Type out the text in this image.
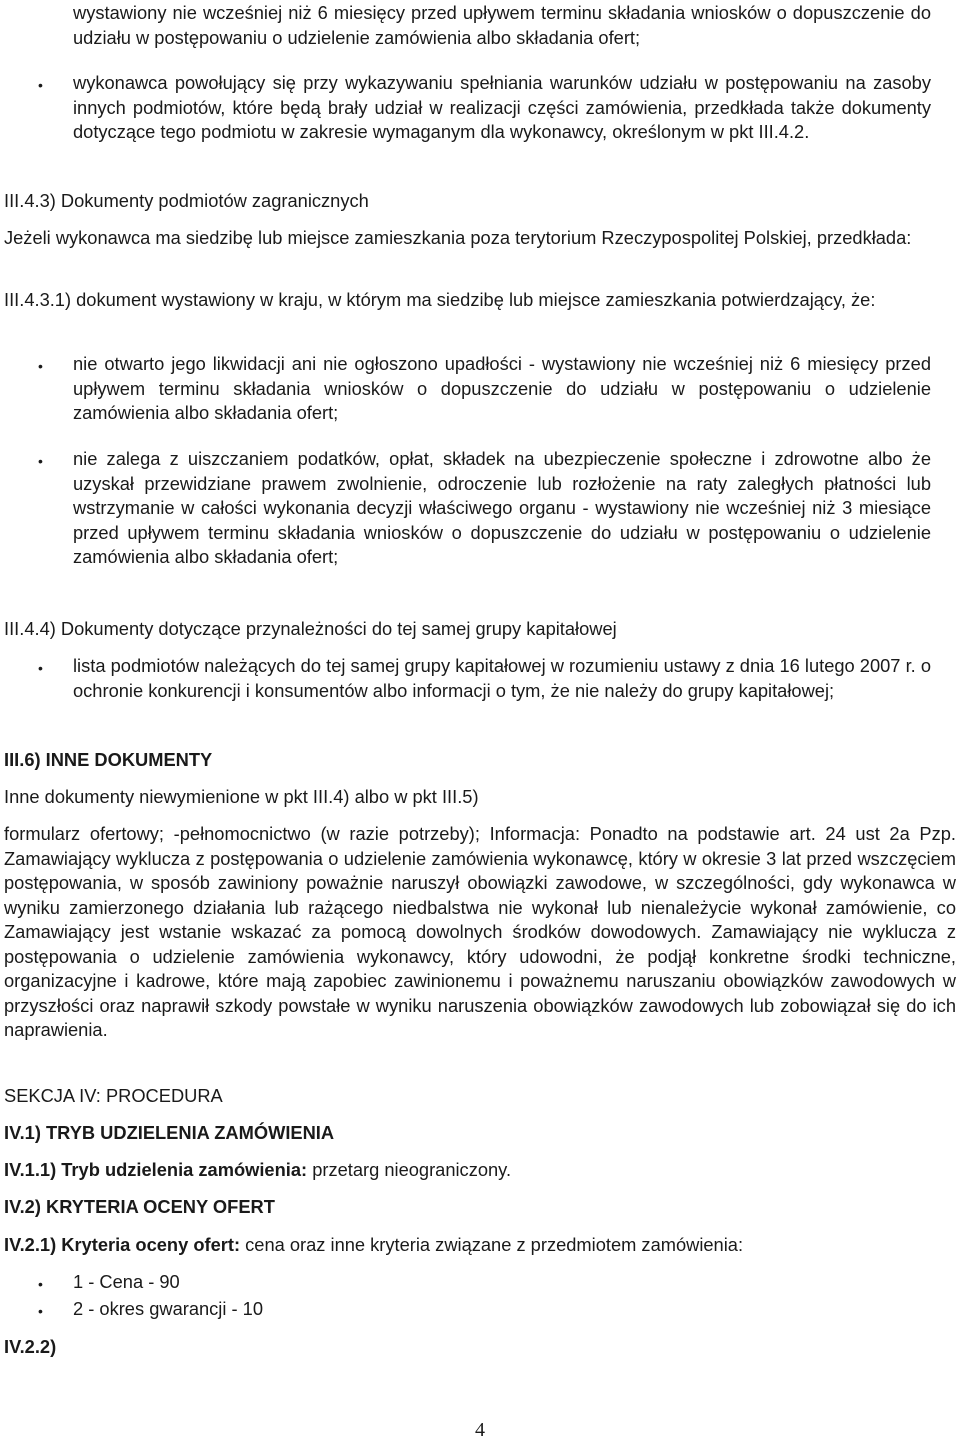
wystawiony nie wcześniej niż 6 miesięcy przed upływem terminu składania wniosków o dopuszczenie do udziału w postępowaniu o udzielenie zamówienia albo składania ofert;

• wykonawca powołujący się przy wykazywaniu spełniania warunków udziału w postępowaniu na zasoby innych podmiotów, które będą brały udział w realizacji części zamówienia, przedkłada także dokumenty dotyczące tego podmiotu w zakresie wymaganym dla wykonawcy, określonym w pkt III.4.2.

III.4.3) Dokumenty podmiotów zagranicznych

Jeżeli wykonawca ma siedzibę lub miejsce zamieszkania poza terytorium Rzeczypospolitej Polskiej, przedkłada:

III.4.3.1) dokument wystawiony w kraju, w którym ma siedzibę lub miejsce zamieszkania potwierdzający, że:

• nie otwarto jego likwidacji ani nie ogłoszono upadłości - wystawiony nie wcześniej niż 6 miesięcy przed upływem terminu składania wniosków o dopuszczenie do udziału w postępowaniu o udzielenie zamówienia albo składania ofert;

• nie zalega z uiszczaniem podatków, opłat, składek na ubezpieczenie społeczne i zdrowotne albo że uzyskał przewidziane prawem zwolnienie, odroczenie lub rozłożenie na raty zaległych płatności lub wstrzymanie w całości wykonania decyzji właściwego organu - wystawiony nie wcześniej niż 3 miesiące przed upływem terminu składania wniosków o dopuszczenie do udziału w postępowaniu o udzielenie zamówienia albo składania ofert;

III.4.4) Dokumenty dotyczące przynależności do tej samej grupy kapitałowej

• lista podmiotów należących do tej samej grupy kapitałowej w rozumieniu ustawy z dnia 16 lutego 2007 r. o ochronie konkurencji i konsumentów albo informacji o tym, że nie należy do grupy kapitałowej;

III.6) INNE DOKUMENTY

Inne dokumenty niewymienione w pkt III.4) albo w pkt III.5)

formularz ofertowy; -pełnomocnictwo (w razie potrzeby); Informacja: Ponadto na podstawie art. 24 ust 2a Pzp. Zamawiający wyklucza z postępowania o udzielenie zamówienia wykonawcę, który w okresie 3 lat przed wszczęciem postępowania, w sposób zawiniony poważnie naruszył obowiązki zawodowe, w szczególności, gdy wykonawca w wyniku zamierzonego działania lub rażącego niedbalstwa nie wykonał lub nienależycie wykonał zamówienie, co Zamawiający jest wstanie wskazać za pomocą dowolnych środków dowodowych. Zamawiający nie wyklucza z postępowania o udzielenie zamówienia wykonawcy, który udowodni, że podjął konkretne środki techniczne, organizacyjne i kadrowe, które mają zapobiec zawinionemu i poważnemu naruszaniu obowiązków zawodowych w przyszłości oraz naprawił szkody powstałe w wyniku naruszenia obowiązków zawodowych lub zobowiązał się do ich naprawienia.

SEKCJA IV: PROCEDURA

IV.1) TRYB UDZIELENIA ZAMÓWIENIA

IV.1.1) Tryb udzielenia zamówienia: przetarg nieograniczony.

IV.2) KRYTERIA OCENY OFERT

IV.2.1) Kryteria oceny ofert: cena oraz inne kryteria związane z przedmiotem zamówienia:

• 1 - Cena - 90

• 2 - okres gwarancji - 10

IV.2.2)

4
